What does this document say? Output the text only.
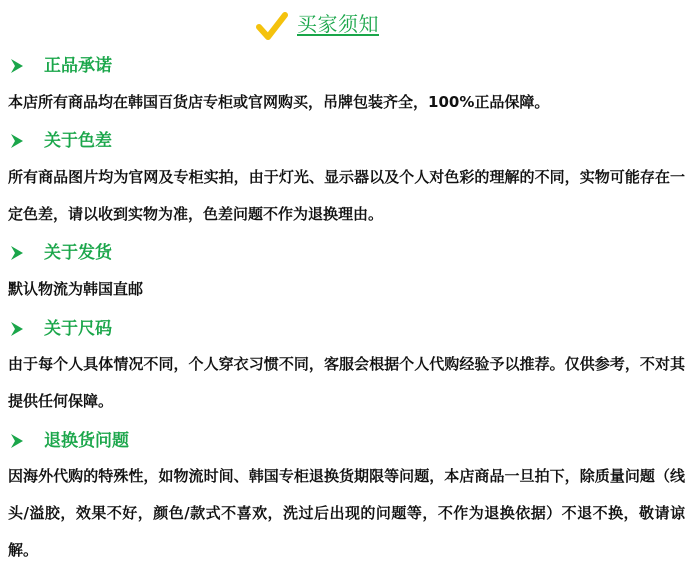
买家须知
正品承诺

本店所有商品均在韩国百货店专柜或官网购买，吊牌包装齐全，100%正品保障。

关于色差

所有商品图片均为官网及专柜实拍，由于灯光、显示器以及个人对色彩的理解的不同，实物可能存在一定色差，请以收到实物为准，色差问题不作为退换理由。

关于发货

默认物流为韩国直邮

关于尺码

由于每个人具体情况不同，个人穿衣习惯不同，客服会根据个人代购经验予以推荐。仅供参考，不对其提供任何保障。

退换货问题

因海外代购的特殊性，如物流时间、韩国专柜退换货期限等问题，本店商品一旦拍下，除质量问题（线头/溢胶，效果不好，颜色/款式不喜欢，洗过后出现的问题等，不作为退换依据）不退不换，敬请谅解。
